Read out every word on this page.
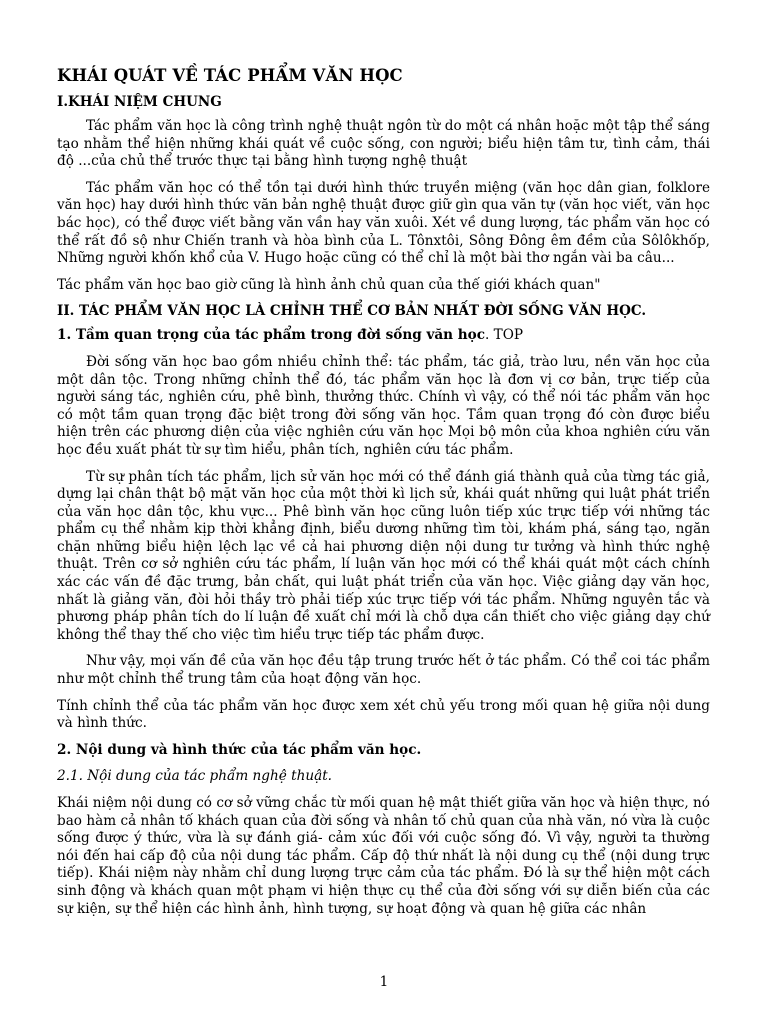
KHÁI QUÁT VỀ TÁC PHẨM VĂN HỌC
I.KHÁI NIỆM CHUNG

Tác phẩm văn học là công trình nghệ thuật ngôn từ do một cá nhân hoặc một tập thể sáng tạo nhằm thể hiện những khái quát về cuộc sống, con người; biểu hiện tâm tư, tình cảm, thái độ ...của chủ thể trước thực tại bằng hình tượng nghệ thuật

Tác phẩm văn học có thể tồn tại dưới hình thức truyền miệng (văn học dân gian, folklore văn học) hay dưới hình thức văn bản nghệ thuật được giữ gìn qua văn tự (văn học viết, văn học bác học), có thể được viết bằng văn vần hay văn xuôi. Xét về dung lượng, tác phẩm văn học có thể rất đồ sộ như Chiến tranh và hòa bình của L. Tônxtôi, Sông Đông êm đềm của Sôlôkhốp, Những người khốn khổ của V. Hugo hoặc cũng có thể chỉ là một bài thơ ngắn vài ba câu...

Tác phẩm văn học bao giờ cũng là hình ảnh chủ quan của thế giới khách quan"

II. TÁC PHẨM VĂN HỌC LÀ CHỈNH THỂ CƠ BẢN NHẤT ĐỜI SỐNG VĂN HỌC.
1. Tầm quan trọng của tác phẩm trong đời sống văn học. TOP

Đời sống văn học bao gồm nhiều chỉnh thể: tác phẩm, tác giả, trào lưu, nền văn học của một dân tộc. Trong những chỉnh thể đó, tác phẩm văn học là đơn vị cơ bản, trực tiếp của người sáng tác, nghiên cứu, phê bình, thưởng thức. Chính vì vậy, có thể nói tác phẩm văn học có một tầm quan trọng đặc biệt trong đời sống văn học. Tầm quan trọng đó còn được biểu hiện trên các phương diện của việc nghiên cứu văn học Mọi bộ môn của khoa nghiên cứu văn học đều xuất phát từ sự tìm hiểu, phân tích, nghiên cứu tác phẩm.

Từ sự phân tích tác phẩm, lịch sử văn học mới có thể đánh giá thành quả của từng tác giả, dựng lại chân thật bộ mặt văn học của một thời kì lịch sử, khái quát những qui luật phát triển của văn học dân tộc, khu vực... Phê bình văn học cũng luôn tiếp xúc trực tiếp với những tác phẩm cụ thể nhằm kịp thời khẳng định, biểu dương những tìm tòi, khám phá, sáng tạo, ngăn chặn những biểu hiện lệch lạc về cả hai phương diện nội dung tư tưởng và hình thức nghệ thuật. Trên cơ sở nghiên cứu tác phẩm, lí luận văn học mới có thể khái quát một cách chính xác các vấn đề đặc trưng, bản chất, qui luật phát triển của văn học. Việc giảng dạy văn học, nhất là giảng văn, đòi hỏi thầy trò phải tiếp xúc trực tiếp với tác phẩm. Những nguyên tắc và phương pháp phân tích do lí luận đề xuất chỉ mới là chỗ dựa cần thiết cho việc giảng dạy chứ không thể thay thế cho việc tìm hiểu trực tiếp tác phẩm được.

Như vậy, mọi vấn đề của văn học đều tập trung trước hết ở tác phẩm. Có thể coi tác phẩm như một chỉnh thể trung tâm của hoạt động văn học.

Tính chỉnh thể của tác phẩm văn học được xem xét chủ yếu trong mối quan hệ giữa nội dung và hình thức.

2. Nội dung và hình thức của tác phẩm văn học.
2.1. Nội dung của tác phẩm nghệ thuật.

Khái niệm nội dung có cơ sở vững chắc từ mối quan hệ mật thiết giữa văn học và hiện thực, nó bao hàm cả nhân tố khách quan của đời sống và nhân tố chủ quan của nhà văn, nó vừa là cuộc sống được ý thức, vừa là sự đánh giá- cảm xúc đối với cuộc sống đó. Vì vậy, người ta thường nói đến hai cấp độ của nội dung tác phẩm. Cấp độ thứ nhất là nội dung cụ thể (nội dung trực tiếp). Khái niệm này nhằm chỉ dung lượng trực cảm của tác phẩm. Đó là sự thể hiện một cách sinh động và khách quan một phạm vi hiện thực cụ thể của đời sống với sự diễn biến của các sự kiện, sự thể hiện các hình ảnh, hình tượng, sự hoạt động và quan hệ giữa các nhân

1
